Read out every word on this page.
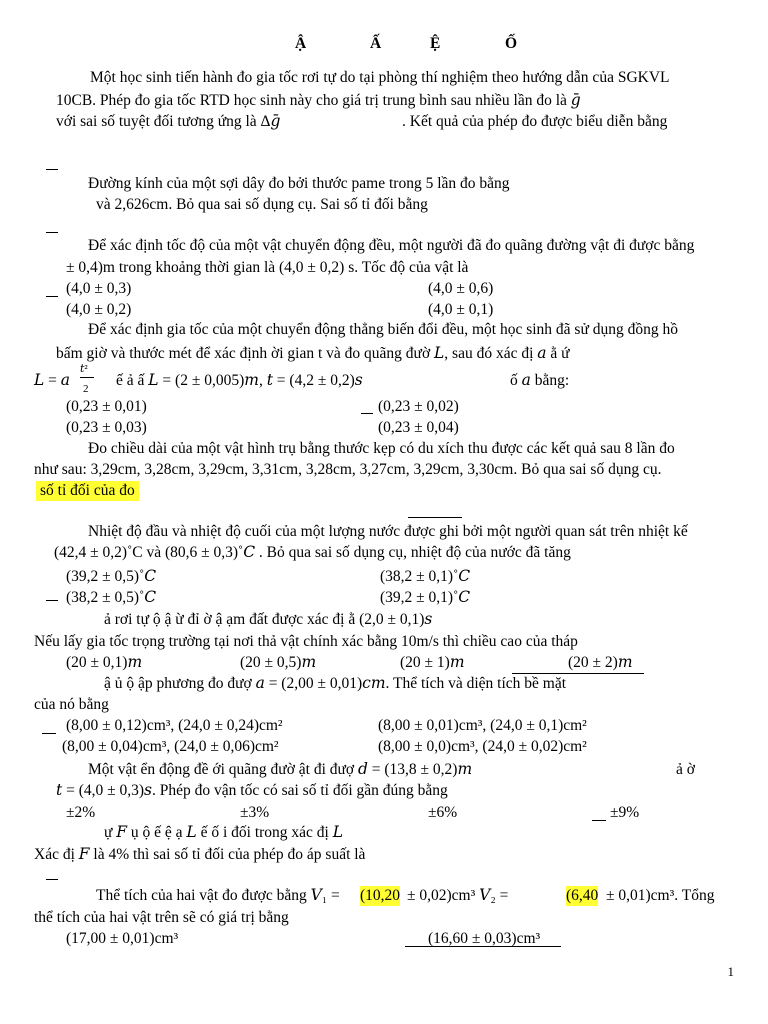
Ậ	Ấ	Ệ	Ố
Một học sinh tiến hành đo gia tốc rơi tự do tại phòng thí nghiệm theo hướng dẫn của SGKVL
10CB. Phép đo gia tốc RTD học sinh này cho giá trị trung bình sau nhiều lần đo là 𝑔̄
với sai số tuyệt đối tương ứng là Δ𝑔̄	. Kết quả của phép đo được biểu diễn bằng
Đường kính của một sợi dây đo bởi thước pame trong 5 lần đo bằng
và 2,626cm. Bỏ qua sai số dụng cụ. Sai số tỉ đối bằng
Để xác định tốc độ của một vật chuyển động đều, một người đã đo quãng đường vật đi được bằng
± 0,4)m trong khoảng thời gian là (4,0 ± 0,2) s. Tốc độ của vật là
(4,0 ± 0,3)	(4,0 ± 0,6)
(4,0 ± 0,2)	(4,0 ± 0,1)
Để xác định gia tốc của một chuyển động thẳng biến đổi đều, một học sinh đã sử dụng đồng hồ
bấm giờ và thước mét để xác định ời gian t và đo quãng đườ 𝐿, sau đó xác đị 𝑎 ằ ứ
𝐿 = 𝑎
𝑡²
2 ế ả ấ 𝐿 = (2 ± 0,005)𝑚, 𝑡 = (4,2 ± 0,2)𝑠	ố 𝑎 bằng:
(0,23 ± 0,01)	(0,23 ± 0,02)
(0,23 ± 0,03)	(0,23 ± 0,04)
Đo chiều dài của một vật hình trụ bằng thước kẹp có du xích thu được các kết quả sau 8 lần đo
như sau: 3,29cm, 3,28cm, 3,29cm, 3,31cm, 3,28cm, 3,27cm, 3,29cm, 3,30cm. Bỏ qua sai số dụng cụ.
số tỉ đối của đo
Nhiệt độ đầu và nhiệt độ cuối của một lượng nước được ghi bởi một người quan sát trên nhiệt kế
(42,4 ± 0,2)˚C và (80,6 ± 0,3)˚𝐶 . Bỏ qua sai số dụng cụ, nhiệt độ của nước đã tăng
(39,2 ± 0,5)˚𝐶	(38,2 ± 0,1)˚𝐶
(38,2 ± 0,5)˚𝐶	(39,2 ± 0,1)˚𝐶
ả rơi tự ộ ậ ừ đỉ ờ ậ ạm đất được xác đị ằ (2,0 ± 0,1)𝑠
Nếu lấy gia tốc trọng trường tại nơi thả vật chính xác bằng 10m/s thì chiều cao của tháp
(20 ± 0,1)𝑚	(20 ± 0,5)𝑚	(20 ± 1)𝑚	(20 ± 2)𝑚
ậ ủ ộ ập phương đo đượ 𝑎 = (2,00 ± 0,01)𝑐𝑚. Thể tích và diện tích bề mặt
của nó bằng
(8,00 ± 0,12)cm³, (24,0 ± 0,24)cm²	(8,00 ± 0,01)cm³, (24,0 ± 0,1)cm²
(8,00 ± 0,04)cm³, (24,0 ± 0,06)cm²	(8,00 ± 0,0)cm³, (24,0 ± 0,02)cm²
Một vật ển động đề ới quãng đườ ật đi đượ 𝑑 = (13,8 ± 0,2)𝑚	ả ờ
𝑡 = (4,0 ± 0,3)𝑠. Phép đo vận tốc có sai số tỉ đối gần đúng bằng
±2%	±3%	±6%	±9%
ự 𝐹 ụ ộ ế ệ ạ 𝐿 ế ố i đối trong xác đị 𝐿
Xác đị 𝐹 là 4% thì sai số tỉ đối của phép đo áp suất là
Thể tích của hai vật đo được bằng 𝑉₁ = (10,20 ± 0,02)cm³ 𝑉₂ =	(6,40 ± 0,01)cm³. Tổng
thể tích của hai vật trên sẽ có giá trị bằng
(17,00 ± 0,01)cm³	(16,60 ± 0,03)cm³
1
